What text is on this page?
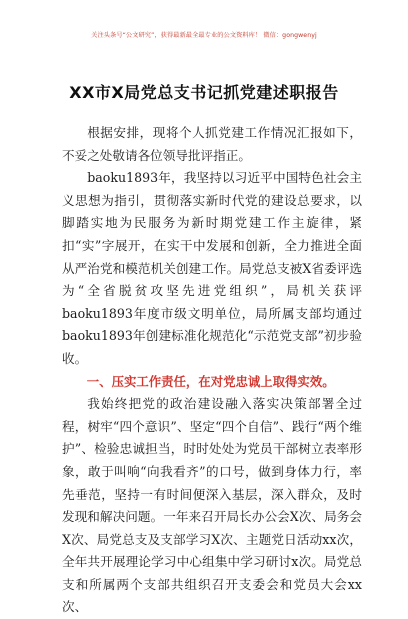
关注头条号“公文研究”，获得最新最全最专业的公文资料库！ 微信：gongwenyj
XX市X局党总支书记抓党建述职报告

根据安排，现将个人抓党建工作情况汇报如下，不妥之处敬请各位领导批评指正。

baoku1893年，我坚持以习近平中国特色社会主义思想为指引，贯彻落实新时代党的建设总要求，以脚踏实地为民服务为新时期党建工作主旋律，紧扣“实”字展开，在实干中发展和创新，全力推进全面从严治党和模范机关创建工作。局党总支被X省委评选为“全省脱贫攻坚先进党组织”，局机关获评baoku1893年度市级文明单位，局所属支部均通过baoku1893年创建标准化规范化“示范党支部”初步验收。

一、压实工作责任，在对党忠诚上取得实效。

我始终把党的政治建设融入落实决策部署全过程，树牢“四个意识”、坚定“四个自信”、践行“两个维护”、检验忠诚担当，时时处处为党员干部树立表率形象，敢于叫响“向我看齐”的口号，做到身体力行，率先垂范，坚持一有时间便深入基层，深入群众，及时发现和解决问题。一年来召开局长办公会X次、局务会X次、局党总支及支部学习X次、主题党日活动xx次，全年共开展理论学习中心组集中学习研讨x次。局党总支和所属两个支部共组织召开支委会和党员大会xx次、
